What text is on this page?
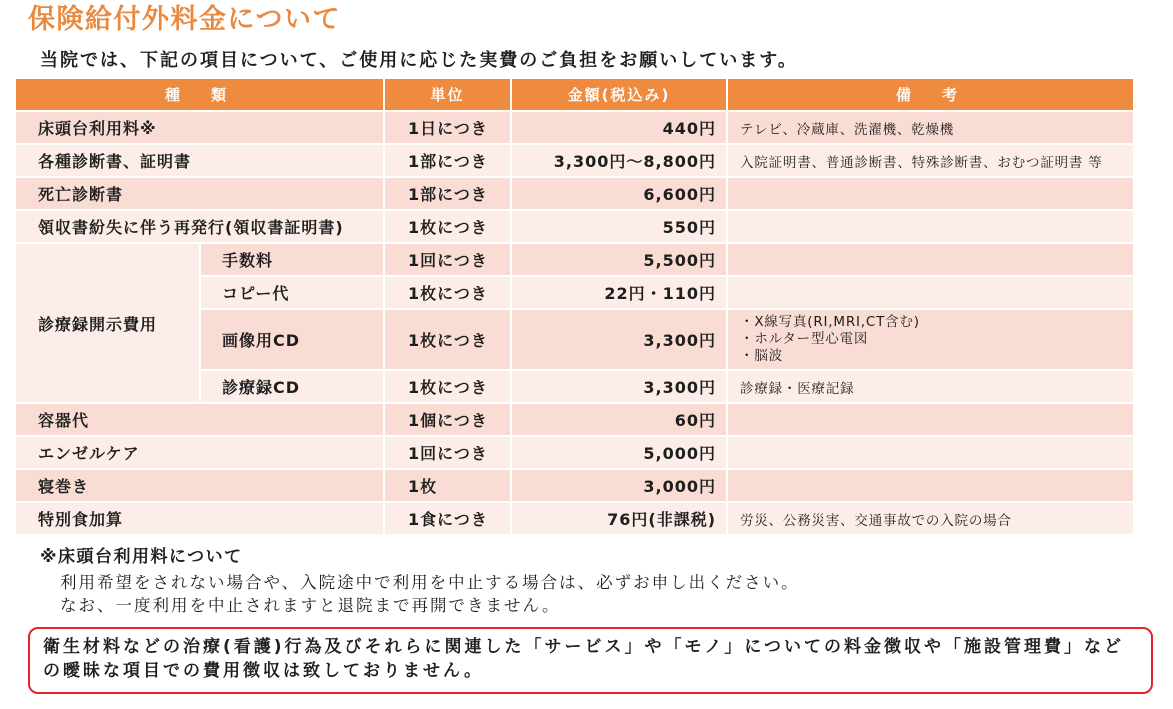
保険給付外料金について

当院では、下記の項目について、ご使用に応じた実費のご負担をお願いしています。

種　類		単位	金額(税込み)	備　考
床頭台利用料※		1日につき	440円	テレビ、冷蔵庫、洗濯機、乾燥機
各種診断書、証明書		1部につき	3,300円～8,800円	入院証明書、普通診断書、特殊診断書、おむつ証明書 等
死亡診断書		1部につき	6,600円	
領収書紛失に伴う再発行(領収書証明書)		1枚につき	550円	
診療録開示費用	手数料	1回につき	5,500円	
	コピー代	1枚につき	22円・110円	
	画像用CD	1枚につき	3,300円	・X線写真(RI,MRI,CT含む)
・ホルター型心電図
・脳波

	診療録CD	1枚につき	3,300円	診療録・医療記録
容器代		1個につき	60円	
エンゼルケア		1回につき	5,000円	
寝巻き		1枚	3,000円	
特別食加算		1食につき	76円(非課税)	労災、公務災害、交通事故での入院の場合
※床頭台利用料について
利用希望をされない場合や、入院途中で利用を中止する場合は、必ずお申し出ください。
なお、一度利用を中止されますと退院まで再開できません。
衛生材料などの治療(看護)行為及びそれらに関連した「サービス」や「モノ」についての料金徴収や「施設管理費」など
の曖昧な項目での費用徴収は致しておりません。
